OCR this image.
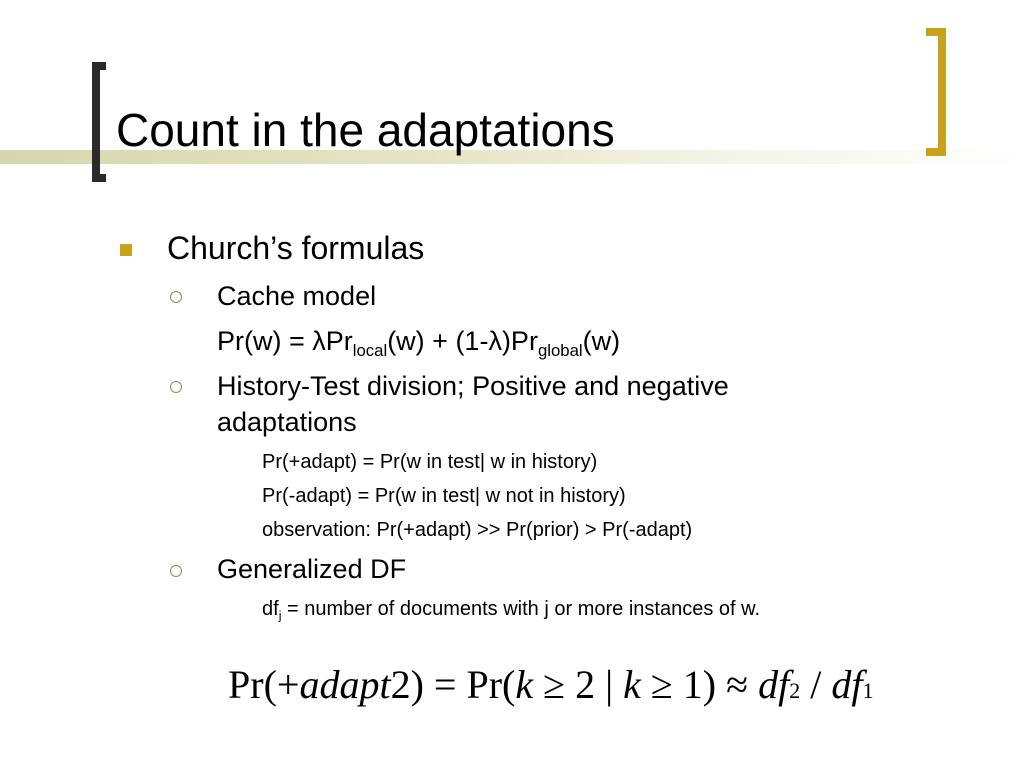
Count in the adaptations
Church’s formulas
Cache model
$Pr(w) = \lambda Pr_{local}(w) + (1-\lambda)Pr_{global}(w)$
History-Test division; Positive and negative
adaptations
Pr(+adapt) = Pr(w in test| w in history)
Pr(-adapt) = Pr(w in test| w not in history)
observation: Pr(+adapt) >> Pr(prior) > Pr(-adapt)
Generalized DF
$df_j$ = number of documents with j or more instances of w.
Pr(+adapt2) = Pr(k ≥ 2 | k ≥ 1) ≈ df2 / df1
